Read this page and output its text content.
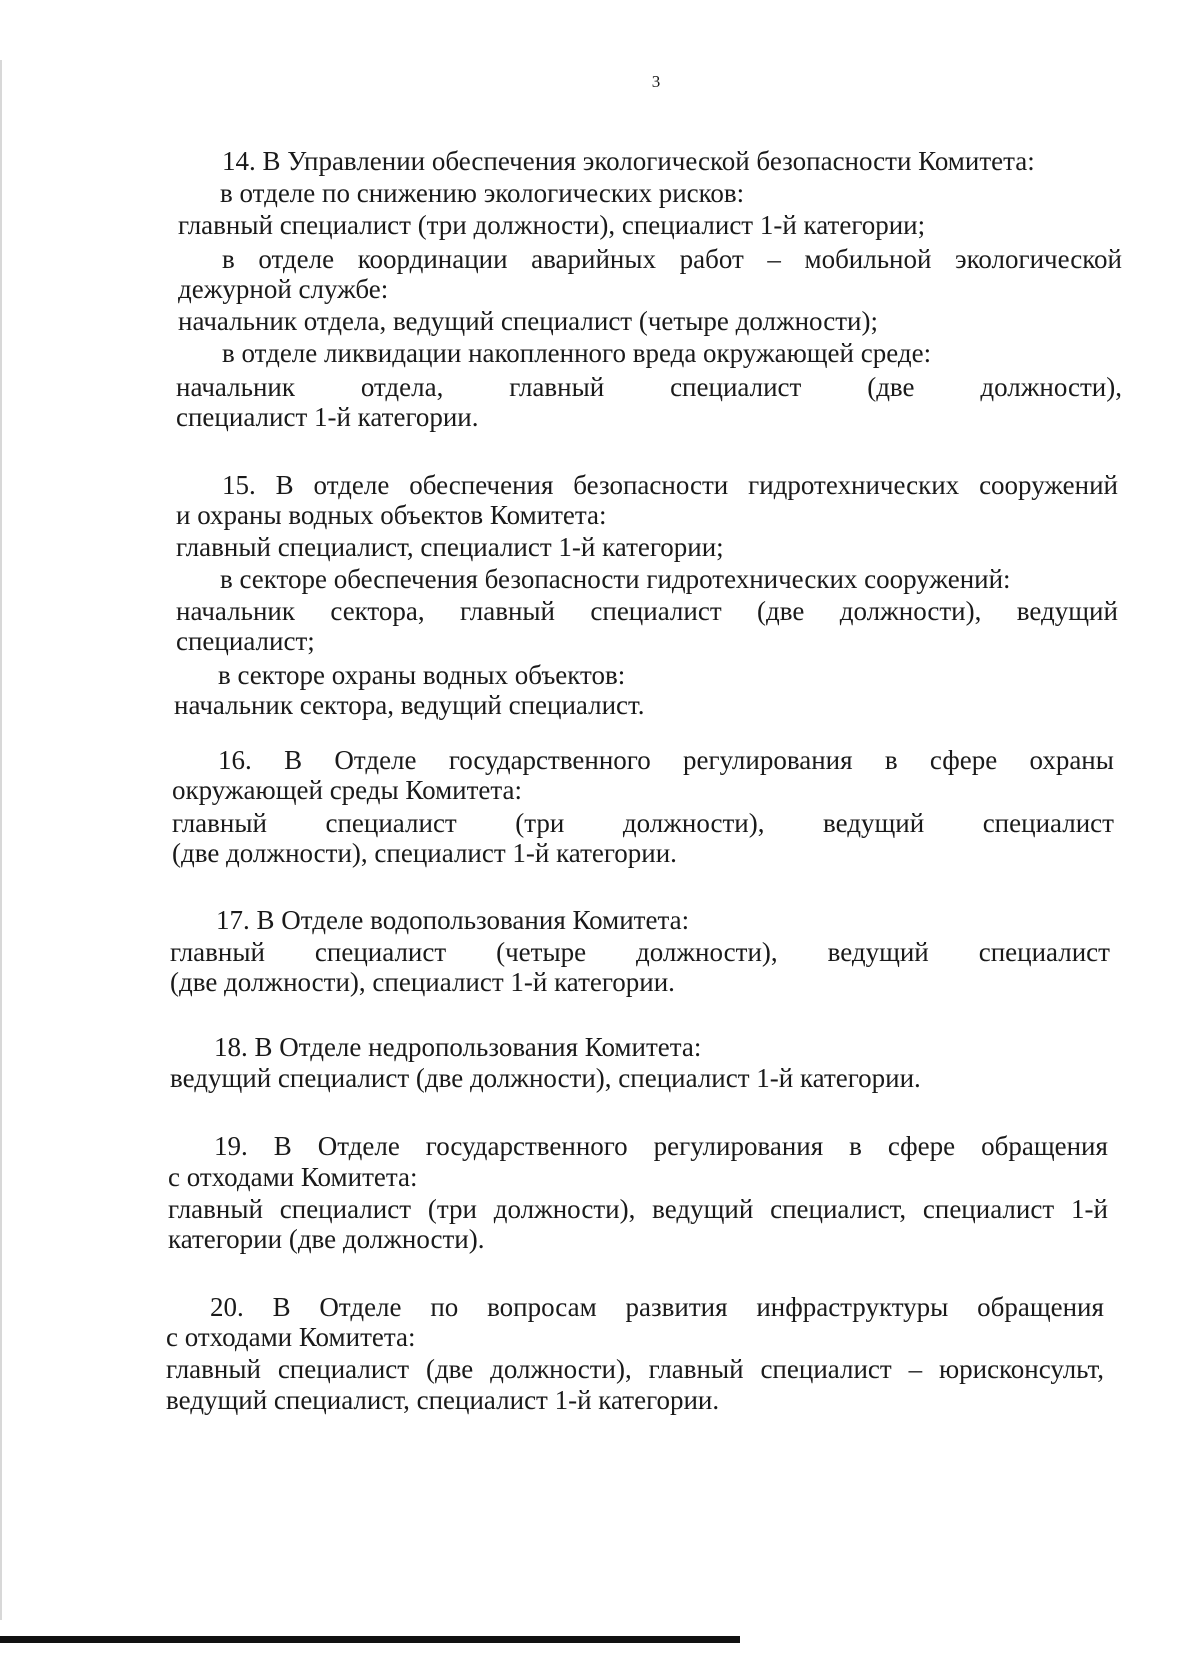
3
14. В Управлении обеспечения экологической безопасности Комитета:
в отделе по снижению экологических рисков:
главный специалист (три должности), специалист 1-й категории;
в отделе координации аварийных работ – мобильной экологической
дежурной службе:
начальник отдела, ведущий специалист (четыре должности);
в отделе ликвидации накопленного вреда окружающей среде:
начальник отдела, главный специалист (две должности),
специалист 1-й категории.
15. В отделе обеспечения безопасности гидротехнических сооружений
и охраны водных объектов Комитета:
главный специалист, специалист 1-й категории;
в секторе обеспечения безопасности гидротехнических сооружений:
начальник сектора, главный специалист (две должности), ведущий
специалист;
в секторе охраны водных объектов:
начальник сектора, ведущий специалист.
16. В Отделе государственного регулирования в сфере охраны
окружающей среды Комитета:
главный специалист (три должности), ведущий специалист
(две должности), специалист 1-й категории.
17. В Отделе водопользования Комитета:
главный специалист (четыре должности), ведущий специалист
(две должности), специалист 1-й категории.
18. В Отделе недропользования Комитета:
ведущий специалист (две должности), специалист 1-й категории.
19. В Отделе государственного регулирования в сфере обращения
с отходами Комитета:
главный специалист (три должности), ведущий специалист, специалист 1-й
категории (две должности).
20. В Отделе по вопросам развития инфраструктуры обращения
с отходами Комитета:
главный специалист (две должности), главный специалист – юрисконсульт,
ведущий специалист, специалист 1-й категории.
